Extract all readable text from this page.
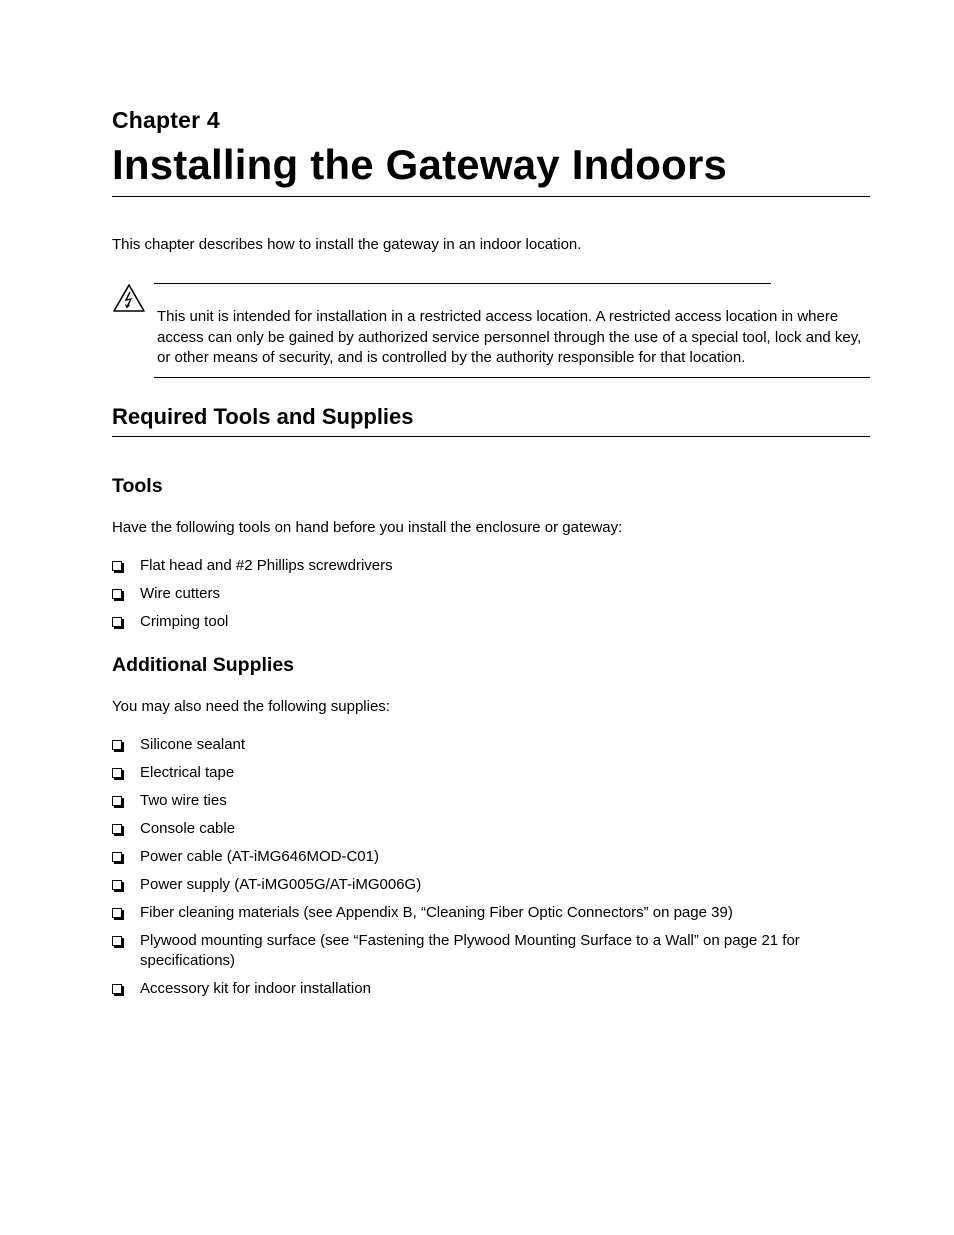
Chapter 4
Installing the Gateway Indoors

This chapter describes how to install the gateway in an indoor location.

This unit is intended for installation in a restricted access location. A restricted access location in where access can only be gained by authorized service personnel through the use of a special tool, lock and key, or other means of security, and is controlled by the authority responsible for that location.

Required Tools and Supplies
Tools

Have the following tools on hand before you install the enclosure or gateway:

Flat head and #2 Phillips screwdrivers
Wire cutters
Crimping tool
Additional Supplies

You may also need the following supplies:

Silicone sealant
Electrical tape
Two wire ties
Console cable
Power cable (AT-iMG646MOD-C01)
Power supply (AT-iMG005G/AT-iMG006G)
Fiber cleaning materials (see Appendix B, “Cleaning Fiber Optic Connectors” on page 39)
Plywood mounting surface (see “Fastening the Plywood Mounting Surface to a Wall” on page 21 for specifications)
Accessory kit for indoor installation
